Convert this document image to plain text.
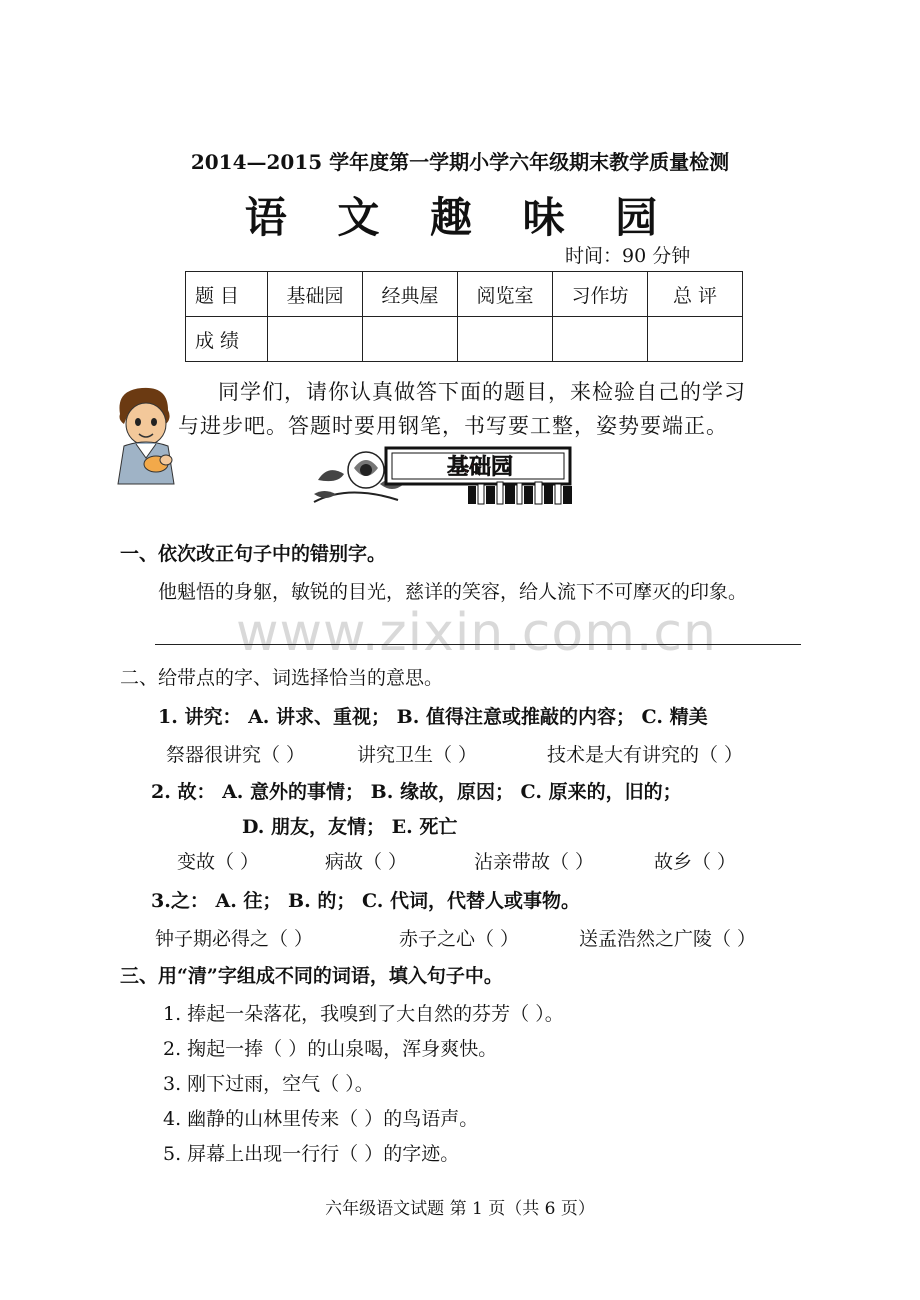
2014—2015 学年度第一学期小学六年级期末教学质量检测
语 文 趣 味 园
时间：90 分钟
题 目	基础园	经典屋	阅览室	习作坊	总 评
成 绩					
同学们，请你认真做答下面的题目，来检验自己的学习
与进步吧。答题时要用钢笔，书写要工整，姿势要端正。
基础园
一、依次改正句子中的错别字。
他魁悟的身躯，敏锐的目光，慈详的笑容，给人流下不可摩灭的印象。
www.zixin.com.cn
二、给带点的字、词选择恰当的意思。
1. 讲究： A. 讲求、重视； B. 值得注意或推敲的内容； C. 精美
祭器很讲究（ ）	讲究卫生（ ）	技术是大有讲究的（ ）
2. 故： A. 意外的事情； B. 缘故，原因； C. 原来的，旧的；
D. 朋友，友情； E. 死亡
变故（ ）	病故（ ）	沾亲带故（ ）	故乡（ ）
3.之： A. 往； B. 的； C. 代词，代替人或事物。
钟子期必得之（ ）	赤子之心（ ）	送孟浩然之广陵（ ）
三、用“清”字组成不同的词语，填入句子中。
1. 捧起一朵落花，我嗅到了大自然的芬芳（ ）。
2. 掬起一捧（ ）的山泉喝，浑身爽快。
3. 刚下过雨，空气（ ）。
4. 幽静的山林里传来（ ）的鸟语声。
5. 屏幕上出现一行行（ ）的字迹。
六年级语文试题 第 1 页（共 6 页）
